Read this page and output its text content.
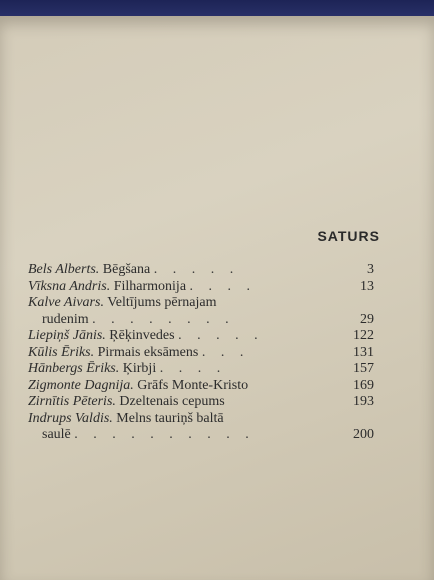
SATURS
Bels Alberts. Bēgšana . . . . .	3
Vīksna Andris. Filharmonija . . . .	13
Kalve Aivars. Veltījums pērnajam
rudenim . . . . . . . .	29
Liepiņš Jānis. Ŗēķinvedes . . . . .	122
Kūlis Ēriks. Pirmais eksāmens . . .	131
Hānbergs Ēriks. Ķirbji . . . .	157
Zigmonte Dagnija. Grāfs Monte-Kristo	169
Zirnītis Pēteris. Dzeltenais cepums	193
Indrups Valdis. Melns tauriņš baltā
saulē . . . . . . . . . .	200
